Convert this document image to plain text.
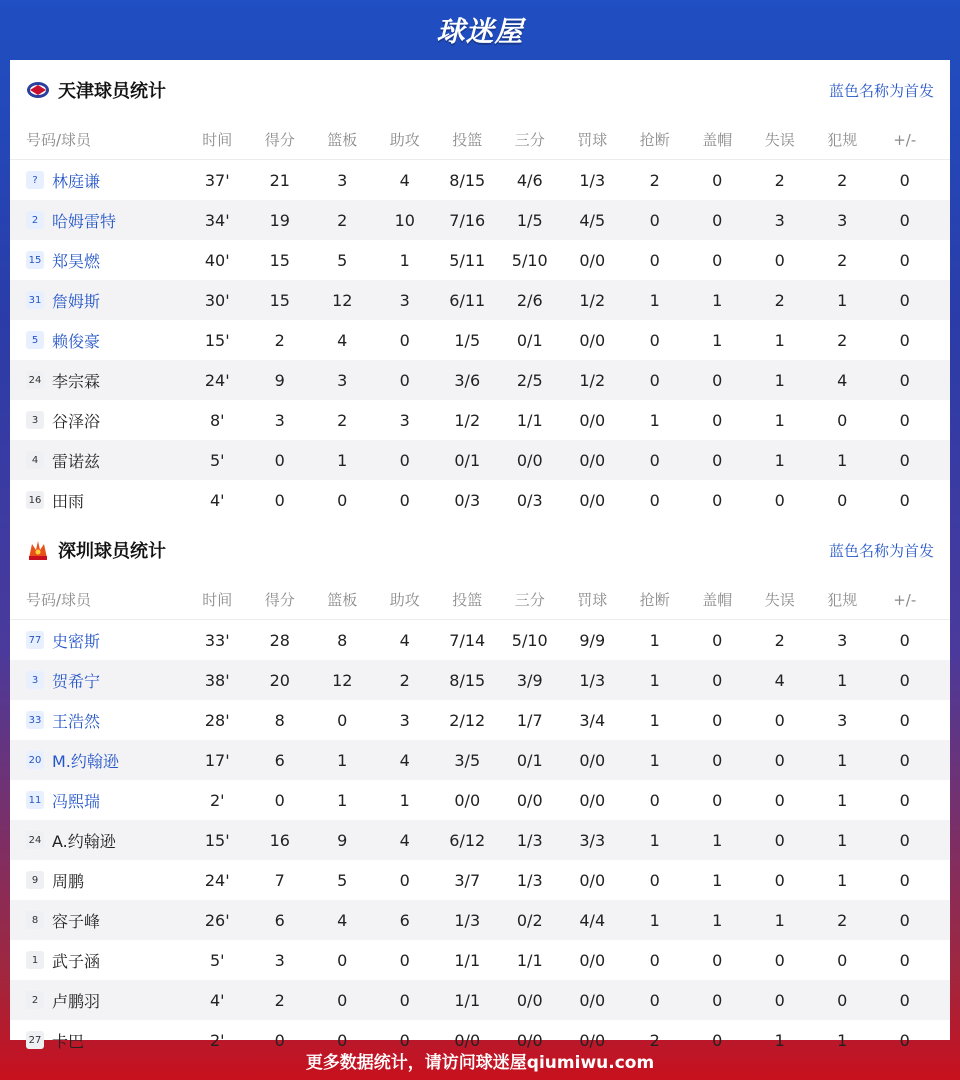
球迷屋
天津球员统计	蓝色名称为首发
号码/球员	时间	得分	篮板	助攻	投篮	三分	罚球	抢断	盖帽	失误	犯规	+/-
? 林庭谦	37'	21	3	4	8/15	4/6	1/3	2	0	2	2	0
2 哈姆雷特	34'	19	2	10	7/16	1/5	4/5	0	0	3	3	0
15 郑昊燃	40'	15	5	1	5/11	5/10	0/0	0	0	0	2	0
31 詹姆斯	30'	15	12	3	6/11	2/6	1/2	1	1	2	1	0
5 赖俊豪	15'	2	4	0	1/5	0/1	0/0	0	1	1	2	0
24 李宗霖	24'	9	3	0	3/6	2/5	1/2	0	0	1	4	0
3 谷泽浴	8'	3	2	3	1/2	1/1	0/0	1	0	1	0	0
4 雷诺兹	5'	0	1	0	0/1	0/0	0/0	0	0	1	1	0
16 田雨	4'	0	0	0	0/3	0/3	0/0	0	0	0	0	0
深圳球员统计	蓝色名称为首发
号码/球员	时间	得分	篮板	助攻	投篮	三分	罚球	抢断	盖帽	失误	犯规	+/-
77 史密斯	33'	28	8	4	7/14	5/10	9/9	1	0	2	3	0
3 贺希宁	38'	20	12	2	8/15	3/9	1/3	1	0	4	1	0
33 王浩然	28'	8	0	3	2/12	1/7	3/4	1	0	0	3	0
20 M.约翰逊	17'	6	1	4	3/5	0/1	0/0	1	0	0	1	0
11 冯熙瑞	2'	0	1	1	0/0	0/0	0/0	0	0	0	1	0
24 A.约翰逊	15'	16	9	4	6/12	1/3	3/3	1	1	0	1	0
9 周鹏	24'	7	5	0	3/7	1/3	0/0	0	1	0	1	0
8 容子峰	26'	6	4	6	1/3	0/2	4/4	1	1	1	2	0
1 武子涵	5'	3	0	0	1/1	1/1	0/0	0	0	0	0	0
2 卢鹏羽	4'	2	0	0	1/1	0/0	0/0	0	0	0	0	0
27 卡巴	2'	0	0	0	0/0	0/0	0/0	2	0	1	1	0
更多数据统计，请访问球迷屋qiumiwu.com
